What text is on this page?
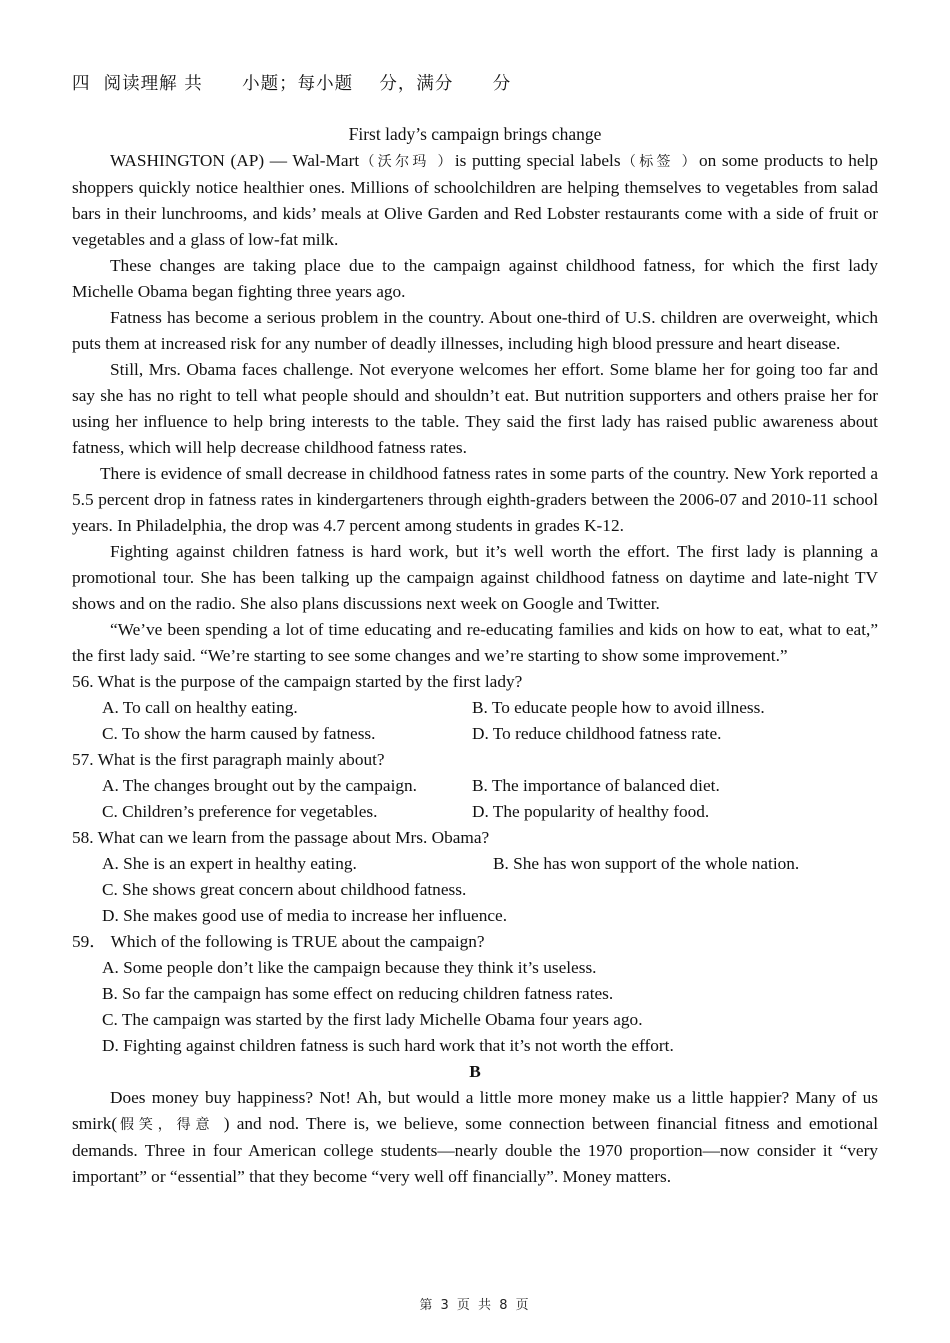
四  阅读理解 共      小题；每小题    分，满分      分
First lady’s campaign brings change

WASHINGTON (AP) — Wal-Mart（沃尔玛 ）is putting special labels（标签 ）on some products to help shoppers quickly notice healthier ones. Millions of schoolchildren are helping themselves to vegetables from salad bars in their lunchrooms, and kids’ meals at Olive Garden and Red Lobster restaurants come with a side of fruit or vegetables and a glass of low-fat milk.

These changes are taking place due to the campaign against childhood fatness, for which the first lady Michelle Obama began fighting three years ago.

Fatness has become a serious problem in the country. About one-third of U.S. children are overweight, which puts them at increased risk for any number of deadly illnesses, including high blood pressure and heart disease.

Still, Mrs. Obama faces challenge. Not everyone welcomes her effort. Some blame her for going too far and say she has no right to tell what people should and shouldn’t eat. But nutrition supporters and others praise her for using her influence to help bring interests to the table. They said the first lady has raised public awareness about fatness, which will help decrease childhood fatness rates.

There is evidence of small decrease in childhood fatness rates in some parts of the country. New York reported a 5.5 percent drop in fatness rates in kindergarteners through eighth-graders between the 2006-07 and 2010-11 school years. In Philadelphia, the drop was 4.7 percent among students in grades K-12.

Fighting against children fatness is hard work, but it’s well worth the effort. The first lady is planning a promotional tour. She has been talking up the campaign against childhood fatness on daytime and late-night TV shows and on the radio. She also plans discussions next week on Google and Twitter.

“We’ve been spending a lot of time educating and re-educating families and kids on how to eat, what to eat,” the first lady said. “We’re starting to see some changes and we’re starting to show some improvement.”

56. What is the purpose of the campaign started by the first lady?

A. To call on healthy eating.	B. To educate people how to avoid illness.
C. To show the harm caused by fatness.	D. To reduce childhood fatness rate.

57. What is the first paragraph mainly about?

A. The changes brought out by the campaign.	B. The importance of balanced diet.
C. Children’s preference for vegetables.	D. The popularity of healthy food.

58. What can we learn from the passage about Mrs. Obama?

A. She is an expert in healthy eating.	B. She has won support of the whole nation.
C. She shows great concern about childhood fatness.
D. She makes good use of media to increase her influence.

59． Which of the following is TRUE about the campaign?

A. Some people don’t like the campaign because they think it’s useless.
B. So far the campaign has some effect on reducing children fatness rates.
C. The campaign was started by the first lady Michelle Obama four years ago.
D. Fighting against children fatness is such hard work that it’s not worth the effort.
B

Does money buy happiness? Not! Ah, but would a little more money make us a little happier? Many of us smirk(假笑，得意 ) and nod. There is, we believe, some connection between financial fitness and emotional demands. Three in four American college students—nearly double the 1970 proportion—now consider it “very important” or “essential” that they become “very well off financially”. Money matters.

第 3 页 共 8 页
